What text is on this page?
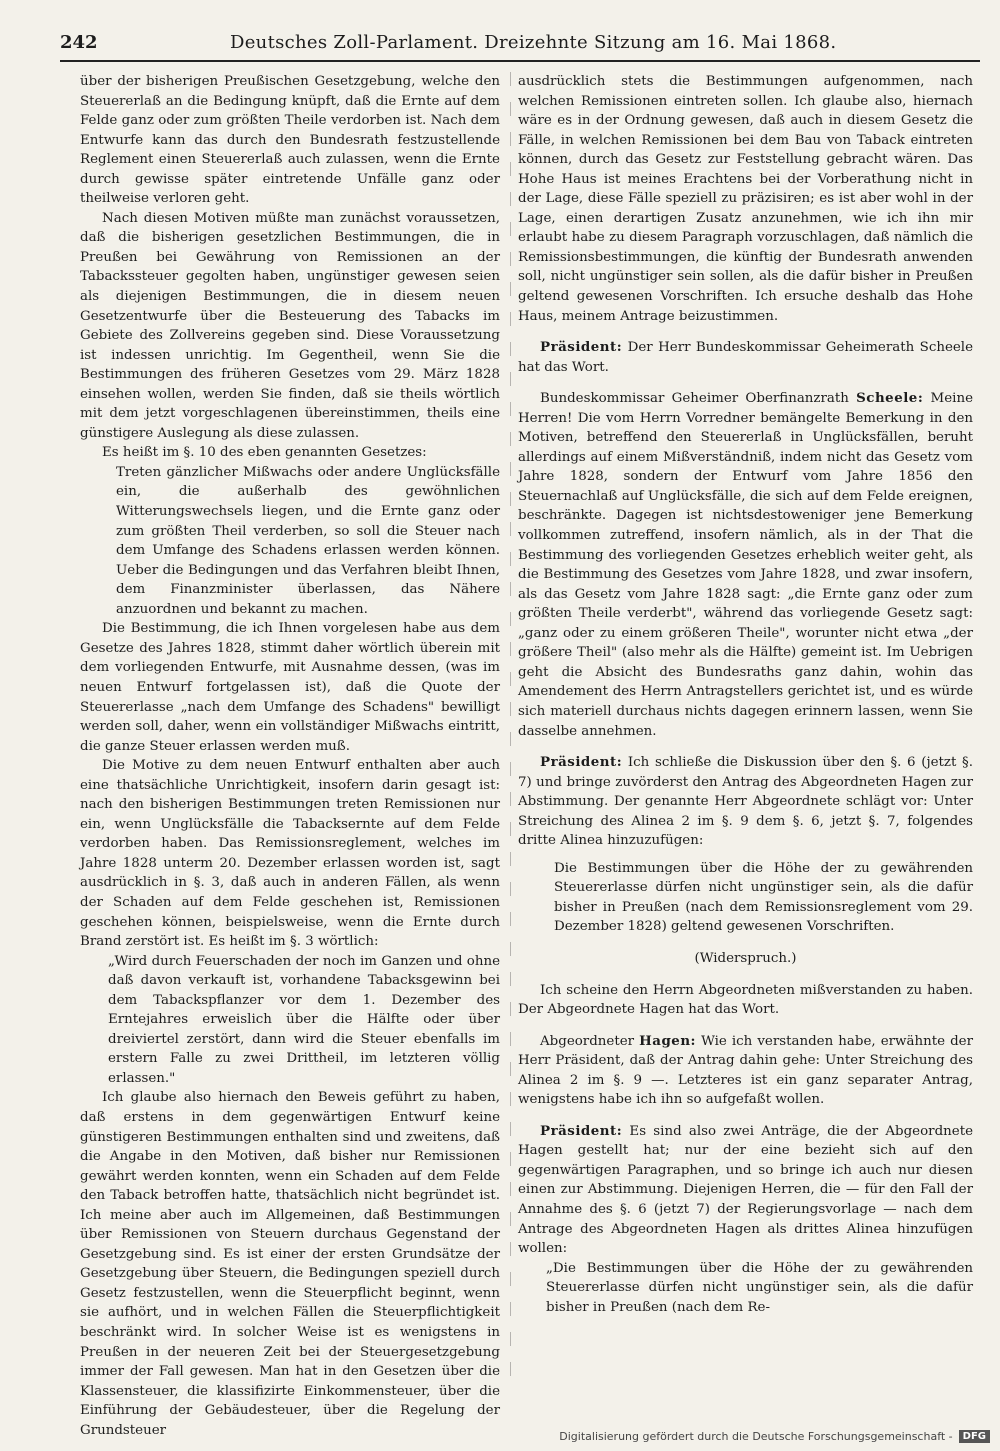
242	Deutsches Zoll-Parlament. Dreizehnte Sitzung am 16. Mai 1868.

über der bisherigen Preußischen Gesetzgebung, welche den Steuererlaß an die Bedingung knüpft, daß die Ernte auf dem Felde ganz oder zum größten Theile verdorben ist. Nach dem Entwurfe kann das durch den Bundesrath festzustellende Reglement einen Steuererlaß auch zulassen, wenn die Ernte durch gewisse später eintretende Unfälle ganz oder theilweise verloren geht.

Nach diesen Motiven müßte man zunächst voraussetzen, daß die bisherigen gesetzlichen Bestimmungen, die in Preußen bei Gewährung von Remissionen an der Tabackssteuer gegolten haben, ungünstiger gewesen seien als diejenigen Bestimmungen, die in diesem neuen Gesetzentwurfe über die Besteuerung des Tabacks im Gebiete des Zollvereins gegeben sind. Diese Voraussetzung ist indessen unrichtig. Im Gegentheil, wenn Sie die Bestimmungen des früheren Gesetzes vom 29. März 1828 einsehen wollen, werden Sie finden, daß sie theils wörtlich mit dem jetzt vorgeschlagenen übereinstimmen, theils eine günstigere Auslegung als diese zulassen.

Es heißt im §. 10 des eben genannten Gesetzes:

Treten gänzlicher Mißwachs oder andere Unglücksfälle ein, die außerhalb des gewöhnlichen Witterungswechsels liegen, und die Ernte ganz oder zum größten Theil verderben, so soll die Steuer nach dem Umfange des Schadens erlassen werden können. Ueber die Bedingungen und das Verfahren bleibt Ihnen, dem Finanzminister überlassen, das Nähere anzuordnen und bekannt zu machen.

Die Bestimmung, die ich Ihnen vorgelesen habe aus dem Gesetze des Jahres 1828, stimmt daher wörtlich überein mit dem vorliegenden Entwurfe, mit Ausnahme dessen, (was im neuen Entwurf fortgelassen ist), daß die Quote der Steuererlasse „nach dem Umfange des Schadens" bewilligt werden soll, daher, wenn ein vollständiger Mißwachs eintritt, die ganze Steuer erlassen werden muß.

Die Motive zu dem neuen Entwurf enthalten aber auch eine thatsächliche Unrichtigkeit, insofern darin gesagt ist: nach den bisherigen Bestimmungen treten Remissionen nur ein, wenn Unglücksfälle die Tabacksernte auf dem Felde verdorben haben. Das Remissionsreglement, welches im Jahre 1828 unterm 20. Dezember erlassen worden ist, sagt ausdrücklich in §. 3, daß auch in anderen Fällen, als wenn der Schaden auf dem Felde geschehen ist, Remissionen geschehen können, beispielsweise, wenn die Ernte durch Brand zerstört ist. Es heißt im §. 3 wörtlich:

„Wird durch Feuerschaden der noch im Ganzen und ohne daß davon verkauft ist, vorhandene Tabacksgewinn bei dem Tabackspflanzer vor dem 1. Dezember des Erntejahres erweislich über die Hälfte oder über dreiviertel zerstört, dann wird die Steuer ebenfalls im erstern Falle zu zwei Drittheil, im letzteren völlig erlassen."

Ich glaube also hiernach den Beweis geführt zu haben, daß erstens in dem gegenwärtigen Entwurf keine günstigeren Bestimmungen enthalten sind und zweitens, daß die Angabe in den Motiven, daß bisher nur Remissionen gewährt werden konnten, wenn ein Schaden auf dem Felde den Taback betroffen hatte, thatsächlich nicht begründet ist. Ich meine aber auch im Allgemeinen, daß Bestimmungen über Remissionen von Steuern durchaus Gegenstand der Gesetzgebung sind. Es ist einer der ersten Grundsätze der Gesetzgebung über Steuern, die Bedingungen speziell durch Gesetz festzustellen, wenn die Steuerpflicht beginnt, wenn sie aufhört, und in welchen Fällen die Steuerpflichtigkeit beschränkt wird. In solcher Weise ist es wenigstens in Preußen in der neueren Zeit bei der Steuergesetzgebung immer der Fall gewesen. Man hat in den Gesetzen über die Klassensteuer, die klassifizirte Einkommensteuer, über die Einführung der Gebäudesteuer, über die Regelung der Grundsteuer

ausdrücklich stets die Bestimmungen aufgenommen, nach welchen Remissionen eintreten sollen. Ich glaube also, hiernach wäre es in der Ordnung gewesen, daß auch in diesem Gesetz die Fälle, in welchen Remissionen bei dem Bau von Taback eintreten können, durch das Gesetz zur Feststellung gebracht wären. Das Hohe Haus ist meines Erachtens bei der Vorberathung nicht in der Lage, diese Fälle speziell zu präzisiren; es ist aber wohl in der Lage, einen derartigen Zusatz anzunehmen, wie ich ihn mir erlaubt habe zu diesem Paragraph vorzuschlagen, daß nämlich die Remissionsbestimmungen, die künftig der Bundesrath anwenden soll, nicht ungünstiger sein sollen, als die dafür bisher in Preußen geltend gewesenen Vorschriften. Ich ersuche deshalb das Hohe Haus, meinem Antrage beizustimmen.

Präsident: Der Herr Bundeskommissar Geheimerath Scheele hat das Wort.

Bundeskommissar Geheimer Oberfinanzrath Scheele: Meine Herren! Die vom Herrn Vorredner bemängelte Bemerkung in den Motiven, betreffend den Steuererlaß in Unglücksfällen, beruht allerdings auf einem Mißverständniß, indem nicht das Gesetz vom Jahre 1828, sondern der Entwurf vom Jahre 1856 den Steuernachlaß auf Unglücksfälle, die sich auf dem Felde ereignen, beschränkte. Dagegen ist nichtsdestoweniger jene Bemerkung vollkommen zutreffend, insofern nämlich, als in der That die Bestimmung des vorliegenden Gesetzes erheblich weiter geht, als die Bestimmung des Gesetzes vom Jahre 1828, und zwar insofern, als das Gesetz vom Jahre 1828 sagt: „die Ernte ganz oder zum größten Theile verderbt", während das vorliegende Gesetz sagt: „ganz oder zu einem größeren Theile", worunter nicht etwa „der größere Theil" (also mehr als die Hälfte) gemeint ist. Im Uebrigen geht die Absicht des Bundesraths ganz dahin, wohin das Amendement des Herrn Antragstellers gerichtet ist, und es würde sich materiell durchaus nichts dagegen erinnern lassen, wenn Sie dasselbe annehmen.

Präsident: Ich schließe die Diskussion über den §. 6 (jetzt §. 7) und bringe zuvörderst den Antrag des Abgeordneten Hagen zur Abstimmung. Der genannte Herr Abgeordnete schlägt vor: Unter Streichung des Alinea 2 im §. 9 dem §. 6, jetzt §. 7, folgendes dritte Alinea hinzuzufügen:

Die Bestimmungen über die Höhe der zu gewährenden Steuererlasse dürfen nicht ungünstiger sein, als die dafür bisher in Preußen (nach dem Remissionsreglement vom 29. Dezember 1828) geltend gewesenen Vorschriften.

(Widerspruch.)

Ich scheine den Herrn Abgeordneten mißverstanden zu haben. Der Abgeordnete Hagen hat das Wort.

Abgeordneter Hagen: Wie ich verstanden habe, erwähnte der Herr Präsident, daß der Antrag dahin gehe: Unter Streichung des Alinea 2 im §. 9 —. Letzteres ist ein ganz separater Antrag, wenigstens habe ich ihn so aufgefaßt wollen.

Präsident: Es sind also zwei Anträge, die der Abgeordnete Hagen gestellt hat; nur der eine bezieht sich auf den gegenwärtigen Paragraphen, und so bringe ich auch nur diesen einen zur Abstimmung. Diejenigen Herren, die — für den Fall der Annahme des §. 6 (jetzt 7) der Regierungsvorlage — nach dem Antrage des Abgeordneten Hagen als drittes Alinea hinzufügen wollen:

„Die Bestimmungen über die Höhe der zu gewährenden Steuererlasse dürfen nicht ungünstiger sein, als die dafür bisher in Preußen (nach dem Re-

Digitalisierung gefördert durch die Deutsche Forschungsgemeinschaft -	DFG
